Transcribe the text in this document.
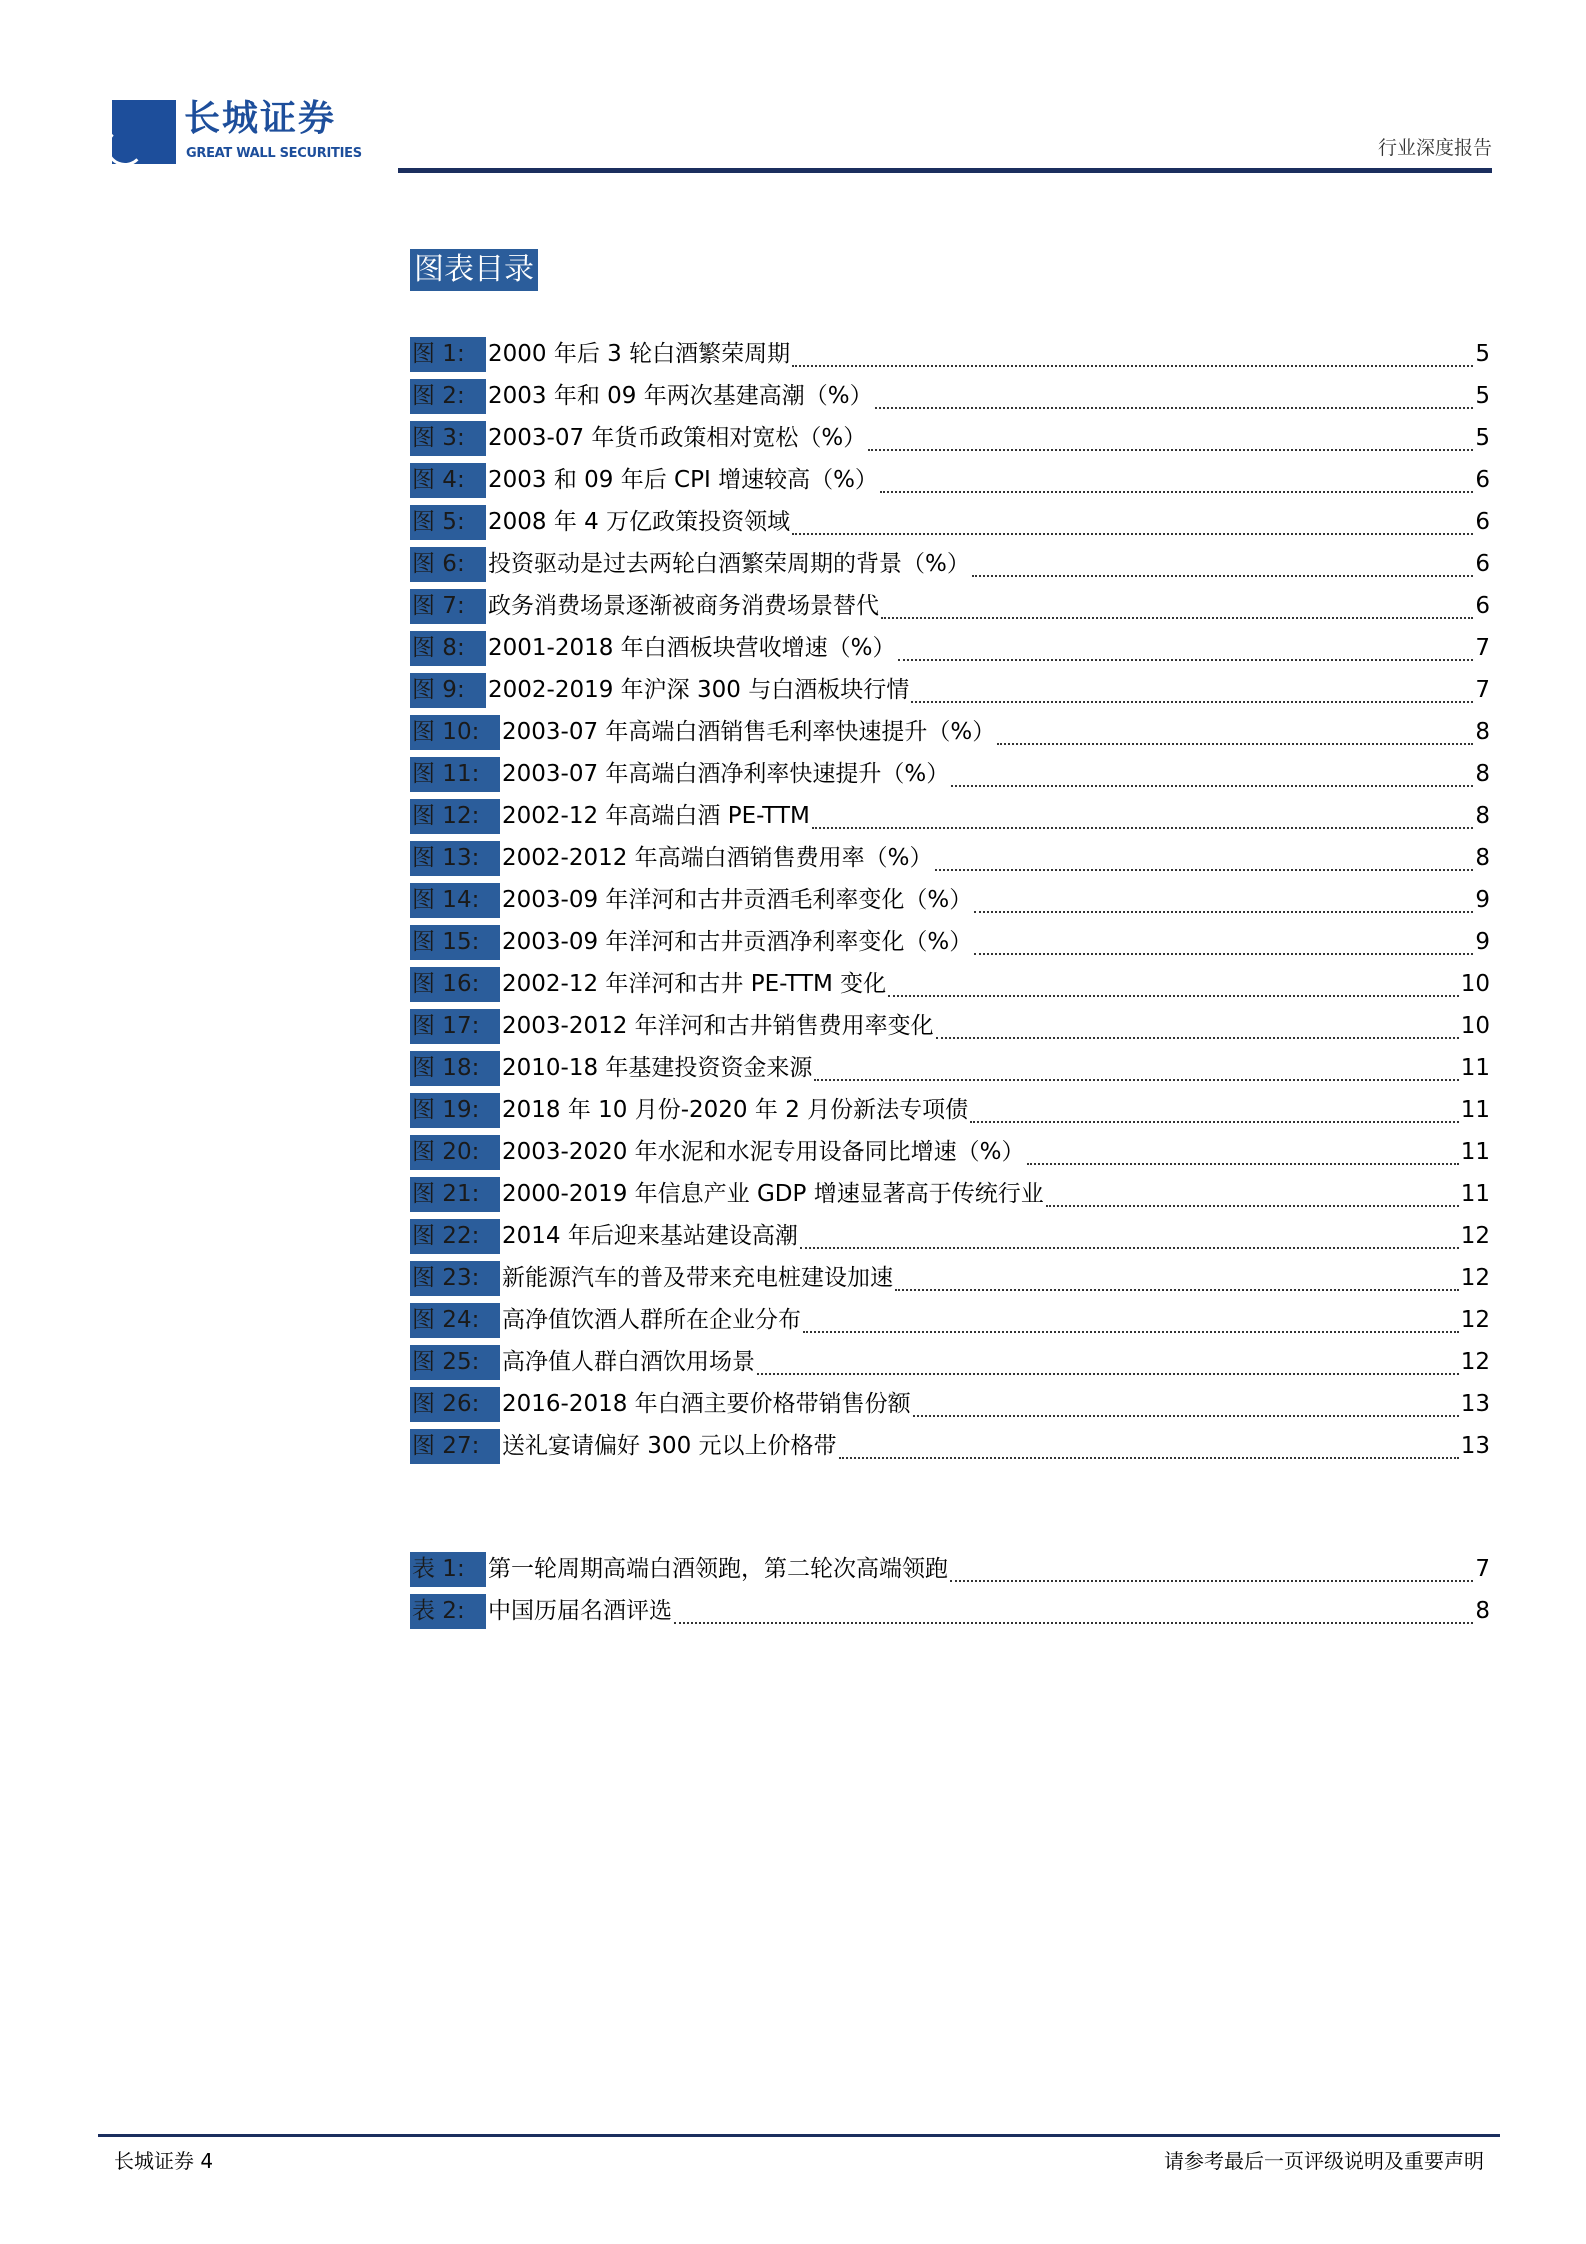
长城证券
GREAT WALL SECURITIES	行业深度报告
图表目录
图 1:	2000 年后 3 轮白酒繁荣周期	5
图 2:	2003 年和 09 年两次基建高潮（%）	5
图 3:	2003-07 年货币政策相对宽松（%）	5
图 4:	2003 和 09 年后 CPI 增速较高（%）	6
图 5:	2008 年 4 万亿政策投资领域	6
图 6:	投资驱动是过去两轮白酒繁荣周期的背景（%）	6
图 7:	政务消费场景逐渐被商务消费场景替代	6
图 8:	2001-2018 年白酒板块营收增速（%）	7
图 9:	2002-2019 年沪深 300 与白酒板块行情	7
图 10: 2003-07 年高端白酒销售毛利率快速提升（%）	8
图 11: 2003-07 年高端白酒净利率快速提升（%）	8
图 12: 2002-12 年高端白酒 PE-TTM	8
图 13: 2002-2012 年高端白酒销售费用率（%）	8
图 14: 2003-09 年洋河和古井贡酒毛利率变化（%）	9
图 15: 2003-09 年洋河和古井贡酒净利率变化（%）	9
图 16: 2002-12 年洋河和古井 PE-TTM 变化	10
图 17: 2003-2012 年洋河和古井销售费用率变化	10
图 18: 2010-18 年基建投资资金来源	11
图 19: 2018 年 10 月份-2020 年 2 月份新法专项债	11
图 20: 2003-2020 年水泥和水泥专用设备同比增速（%）	11
图 21: 2000-2019 年信息产业 GDP 增速显著高于传统行业	11
图 22: 2014 年后迎来基站建设高潮	12
图 23: 新能源汽车的普及带来充电桩建设加速	12
图 24: 高净值饮酒人群所在企业分布	12
图 25: 高净值人群白酒饮用场景	12
图 26: 2016-2018 年白酒主要价格带销售份额	13
图 27: 送礼宴请偏好 300 元以上价格带	13
表 1:	第一轮周期高端白酒领跑，第二轮次高端领跑	7
表 2:	中国历届名酒评选	8
长城证券 4	请参考最后一页评级说明及重要声明
